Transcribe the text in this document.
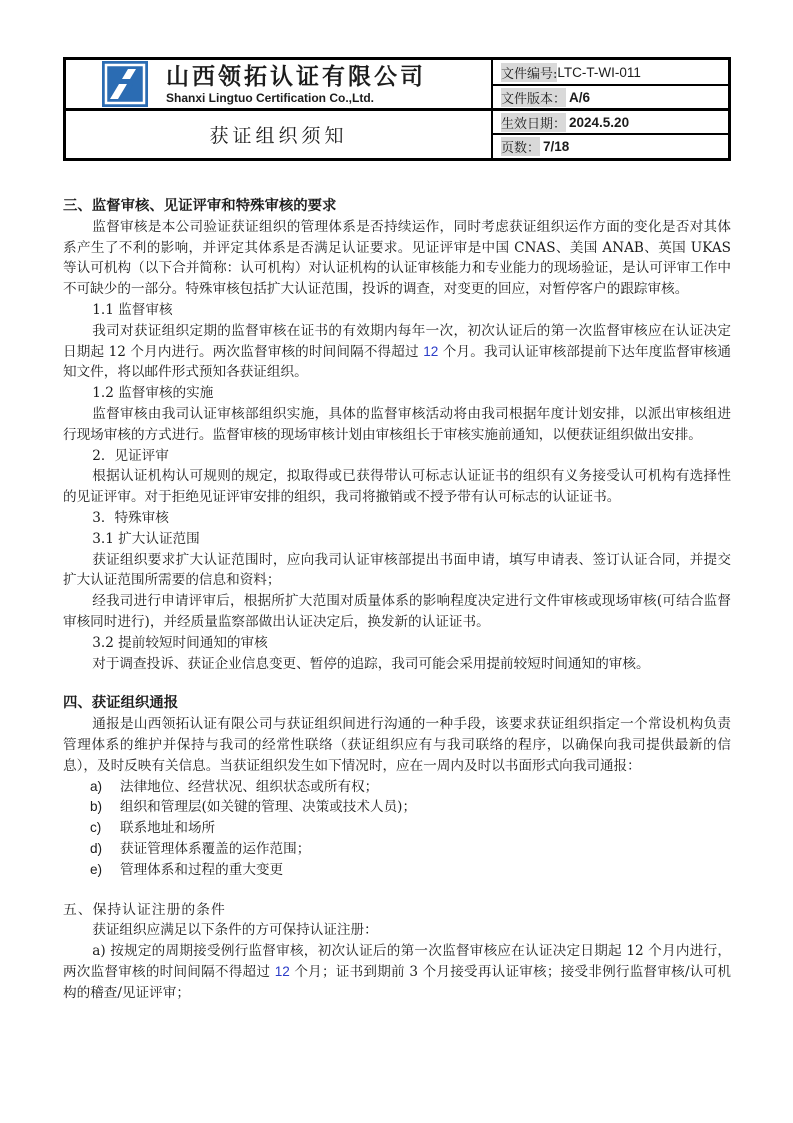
山西领拓认证有限公司
Shanxi Lingtuo Certification Co.,Ltd.
获证组织须知
文件编号: LTC-T-WI-011
文件版本： A/6
生效日期： 2024.5.20
页数： 7/18
三、监督审核、见证评审和特殊审核的要求
监督审核是本公司验证获证组织的管理体系是否持续运作，同时考虑获证组织运作方面的变化是否对其体系产生了不利的影响，并评定其体系是否满足认证要求。见证评审是中国 CNAS、美国 ANAB、英国 UKAS 等认可机构（以下合并简称：认可机构）对认证机构的认证审核能力和专业能力的现场验证，是认可评审工作中不可缺少的一部分。特殊审核包括扩大认证范围，投诉的调查，对变更的回应，对暂停客户的跟踪审核。
1.1 监督审核
我司对获证组织定期的监督审核在证书的有效期内每年一次，初次认证后的第一次监督审核应在认证决定日期起 12 个月内进行。两次监督审核的时间间隔不得超过 12 个月。我司认证审核部提前下达年度监督审核通知文件，将以邮件形式预知各获证组织。
1.2 监督审核的实施
监督审核由我司认证审核部组织实施，具体的监督审核活动将由我司根据年度计划安排，以派出审核组进行现场审核的方式进行。监督审核的现场审核计划由审核组长于审核实施前通知，以便获证组织做出安排。
2．见证评审
根据认证机构认可规则的规定，拟取得或已获得带认可标志认证证书的组织有义务接受认可机构有选择性的见证评审。对于拒绝见证评审安排的组织，我司将撤销或不授予带有认可标志的认证证书。
3．特殊审核
3.1 扩大认证范围
获证组织要求扩大认证范围时，应向我司认证审核部提出书面申请，填写申请表、签订认证合同，并提交扩大认证范围所需要的信息和资料；
经我司进行申请评审后，根据所扩大范围对质量体系的影响程度决定进行文件审核或现场审核(可结合监督审核同时进行)，并经质量监察部做出认证决定后，换发新的认证证书。
3.2 提前较短时间通知的审核
对于调查投诉、获证企业信息变更、暂停的追踪，我司可能会采用提前较短时间通知的审核。
四、获证组织通报
通报是山西领拓认证有限公司与获证组织间进行沟通的一种手段，该要求获证组织指定一个常设机构负责管理体系的维护并保持与我司的经常性联络（获证组织应有与我司联络的程序，以确保向我司提供最新的信息），及时反映有关信息。当获证组织发生如下情况时，应在一周内及时以书面形式向我司通报：
a)	法律地位、经营状况、组织状态或所有权；
b)	组织和管理层(如关键的管理、决策或技术人员)；
c)	联系地址和场所
d)	获证管理体系覆盖的运作范围；
e)	管理体系和过程的重大变更
五、保持认证注册的条件
获证组织应满足以下条件的方可保持认证注册：
a) 按规定的周期接受例行监督审核，初次认证后的第一次监督审核应在认证决定日期起 12 个月内进行，两次监督审核的时间间隔不得超过 12 个月；证书到期前 3 个月接受再认证审核；接受非例行监督审核/认可机构的稽查/见证评审；
